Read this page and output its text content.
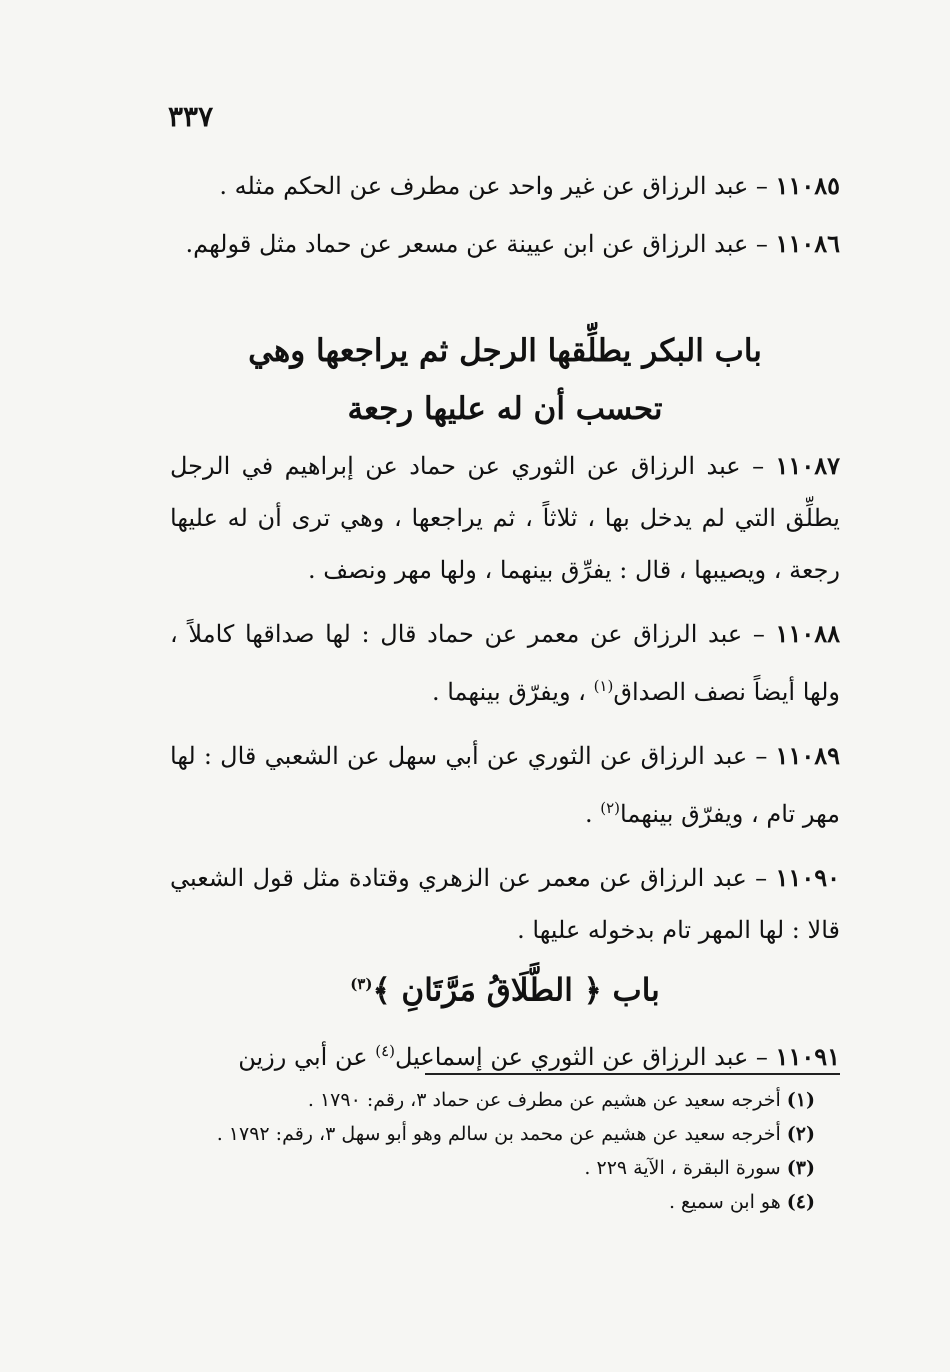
٣٣٧

١١٠٨٥ – عبد الرزاق عن غير واحد عن مطرف عن الحكم مثله .

١١٠٨٦ – عبد الرزاق عن ابن عيينة عن مسعر عن حماد مثل قولهم.

باب البكر يطلِّقها الرجل ثم يراجعها وهي
تحسب أن له عليها رجعة

١١٠٨٧ – عبد الرزاق عن الثوري عن حماد عن إبراهيم في الرجل يطلِّق التي لم يدخل بها ، ثلاثاً ، ثم يراجعها ، وهي ترى أن له عليها رجعة ، ويصيبها ، قال : يفرِّق بينهما ، ولها مهر ونصف .

١١٠٨٨ – عبد الرزاق عن معمر عن حماد قال : لها صداقها كاملاً ، ولها أيضاً نصف الصداق$^{(١)}$ ، ويفرّق بينهما .

١١٠٨٩ – عبد الرزاق عن الثوري عن أبي سهل عن الشعبي قال : لها مهر تام ، ويفرّق بينهما$^{(٢)}$ .

١١٠٩٠ – عبد الرزاق عن معمر عن الزهري وقتادة مثل قول الشعبي قالا : لها المهر تام بدخوله عليها .

باب ﴿ الطَّلَاقُ مَرَّتَانِ ﴾$^{(٣)}$

١١٠٩١ – عبد الرزاق عن الثوري عن إسماعيل$^{(٤)}$ عن أبي رزين

(١) أخرجه سعيد عن هشيم عن مطرف عن حماد ٣، رقم: ١٧٩٠ .

(٢) أخرجه سعيد عن هشيم عن محمد بن سالم وهو أبو سهل ٣، رقم: ١٧٩٢ .

(٣) سورة البقرة ، الآية ٢٢٩ .

(٤) هو ابن سميع .
